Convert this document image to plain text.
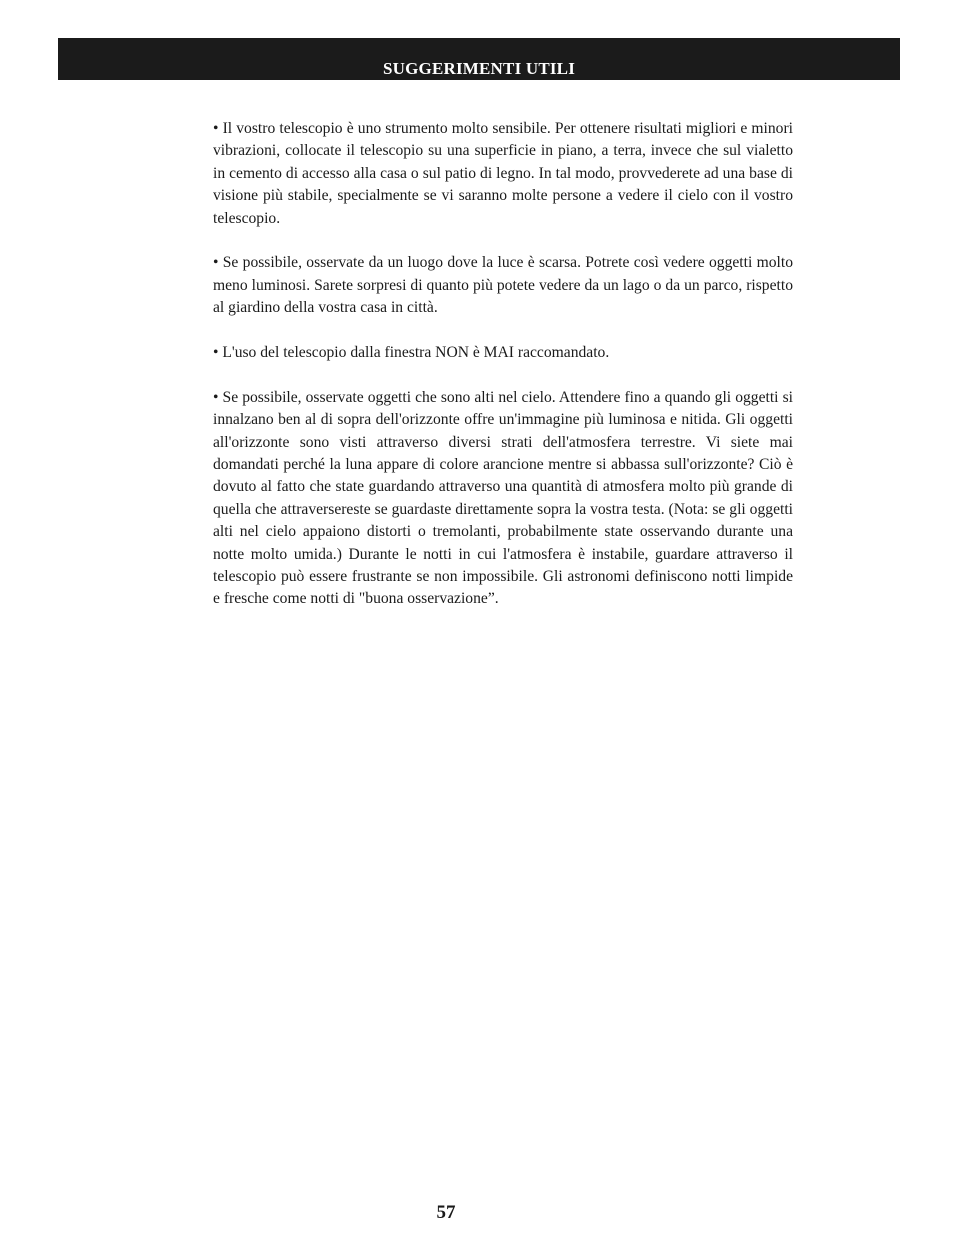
SUGGERIMENTI UTILI

• Il vostro telescopio è uno strumento molto sensibile. Per ottenere risultati migliori e minori vibrazioni, collocate il telescopio su una superficie in piano, a terra, invece che sul vialetto in cemento di accesso alla casa o sul patio di legno. In tal modo, provvederete ad una base di visione più stabile, specialmente se vi saranno molte persone a vedere il cielo con il vostro telescopio.

• Se possibile, osservate da un luogo dove la luce è scarsa. Potrete così vedere oggetti molto meno luminosi. Sarete sorpresi di quanto più potete vedere da un lago o da un parco, rispetto al giardino della vostra casa in città.

• L'uso del telescopio dalla finestra NON è MAI raccomandato.

• Se possibile, osservate oggetti che sono alti nel cielo. Attendere fino a quando gli oggetti si innalzano ben al di sopra dell'orizzonte offre un'immagine più luminosa e nitida. Gli oggetti all'orizzonte sono visti attraverso diversi strati dell'atmosfera terrestre. Vi siete mai domandati perché la luna appare di colore arancione mentre si abbassa sull'orizzonte? Ciò è dovuto al fatto che state guardando attraverso una quantità di atmosfera molto più grande di quella che attraversereste se guardaste direttamente sopra la vostra testa. (Nota: se gli oggetti alti nel cielo appaiono distorti o tremolanti, probabilmente state osservando durante una notte molto umida.) Durante le notti in cui l'atmosfera è instabile, guardare attraverso il telescopio può essere frustrante se non impossibile. Gli astronomi definiscono notti limpide e fresche come notti di "buona osservazione”.

57
